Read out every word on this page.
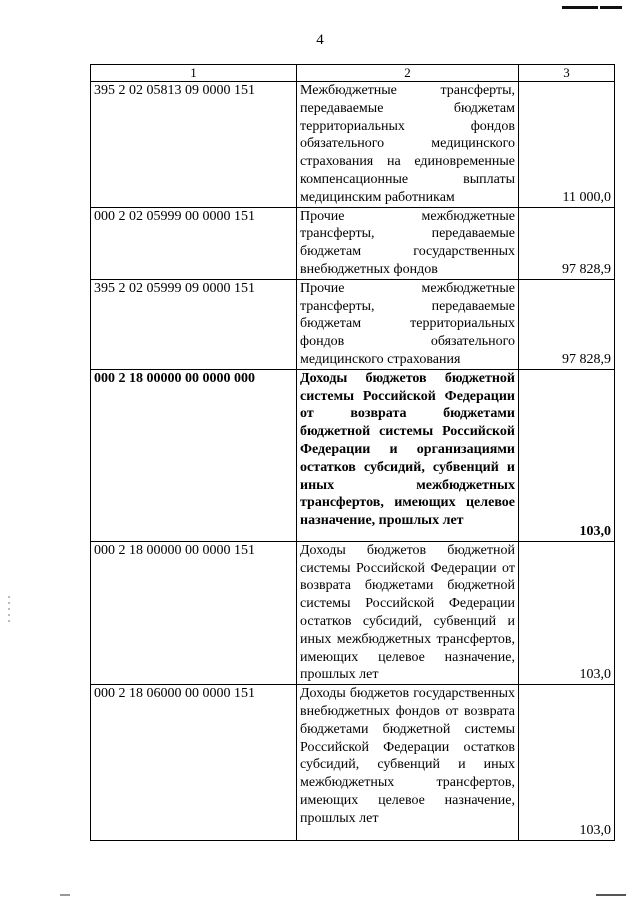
4
1	2	3
395 2 02 05813 09 0000 151	Межбюджетные трансферты, передаваемые бюджетам территориальных фондов обязательного медицинского страхования на единовременные компенсационные выплаты медицинским работникам	11 000,0
000 2 02 05999 00 0000 151	Прочие межбюджетные трансферты, передаваемые бюджетам государственных внебюджетных фондов	97 828,9
395 2 02 05999 09 0000 151	Прочие межбюджетные трансферты, передаваемые бюджетам территориальных фондов обязательного медицинского страхования	97 828,9
000 2 18 00000 00 0000 000	Доходы бюджетов бюджетной системы Российской Федерации от возврата бюджетами бюджетной системы Российской Федерации и организациями остатков субсидий, субвенций и иных межбюджетных трансфертов, имеющих целевое назначение, прошлых лет	103,0
000 2 18 00000 00 0000 151	Доходы бюджетов бюджетной системы Российской Федерации от возврата бюджетами бюджетной системы Российской Федерации остатков субсидий, субвенций и иных межбюджетных трансфертов, имеющих целевое назначение, прошлых лет	103,0
000 2 18 06000 00 0000 151	Доходы бюджетов государственных внебюджетных фондов от возврата бюджетами бюджетной системы Российской Федерации остатков субсидий, субвенций и иных межбюджетных трансфертов, имеющих целевое назначение, прошлых лет	103,0
